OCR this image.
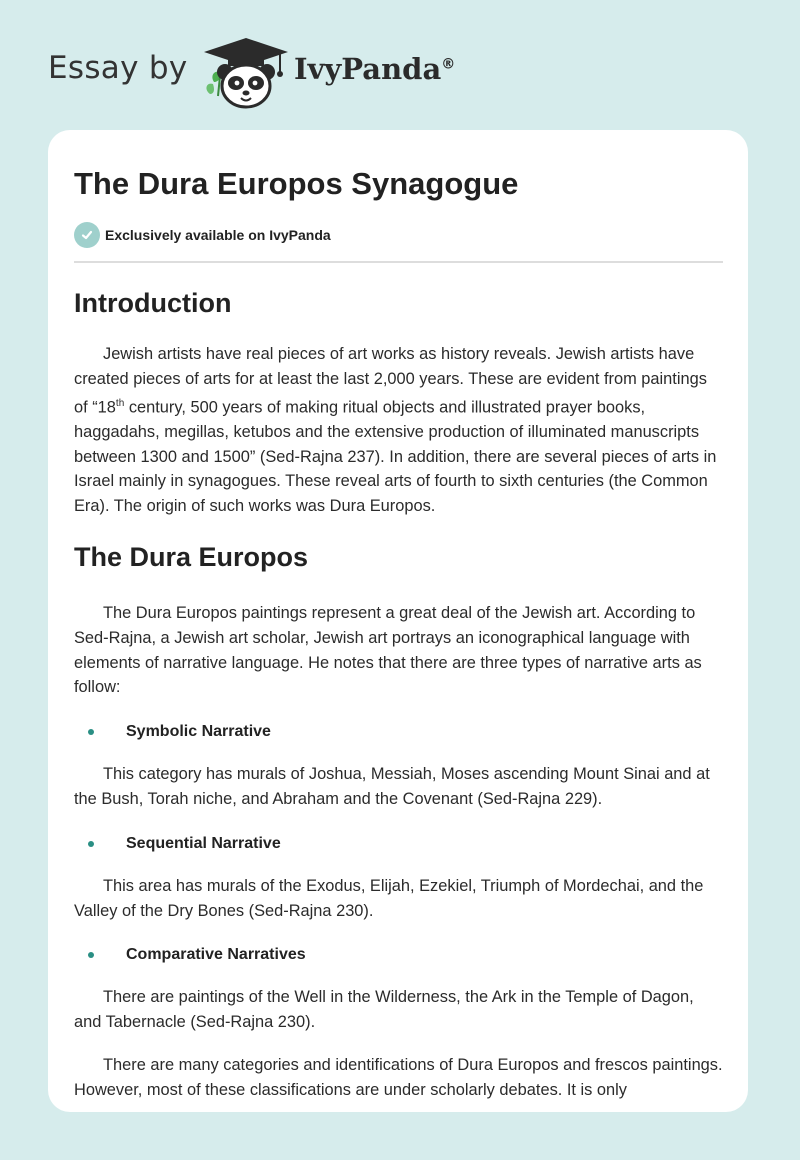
Essay by	IvyPanda®
The Dura Europos Synagogue
Exclusively available on IvyPanda
Introduction

Jewish artists have real pieces of art works as history reveals. Jewish artists have created pieces of arts for at least the last 2,000 years. These are evident from paintings of “18th century, 500 years of making ritual objects and illustrated prayer books, haggadahs, megillas, ketubos and the extensive production of illuminated manuscripts between 1300 and 1500” (Sed-Rajna 237). In addition, there are several pieces of arts in Israel mainly in synagogues. These reveal arts of fourth to sixth centuries (the Common Era). The origin of such works was Dura Europos.

The Dura Europos

The Dura Europos paintings represent a great deal of the Jewish art. According to Sed-Rajna, a Jewish art scholar, Jewish art portrays an iconographical language with elements of narrative language. He notes that there are three types of narrative arts as follow:

Symbolic Narrative

This category has murals of Joshua, Messiah, Moses ascending Mount Sinai and at the Bush, Torah niche, and Abraham and the Covenant (Sed-Rajna 229).

Sequential Narrative

This area has murals of the Exodus, Elijah, Ezekiel, Triumph of Mordechai, and the Valley of the Dry Bones (Sed-Rajna 230).

Comparative Narratives

There are paintings of the Well in the Wilderness, the Ark in the Temple of Dagon, and Tabernacle (Sed-Rajna 230).

There are many categories and identifications of Dura Europos and frescos paintings. However, most of these classifications are under scholarly debates. It is only
